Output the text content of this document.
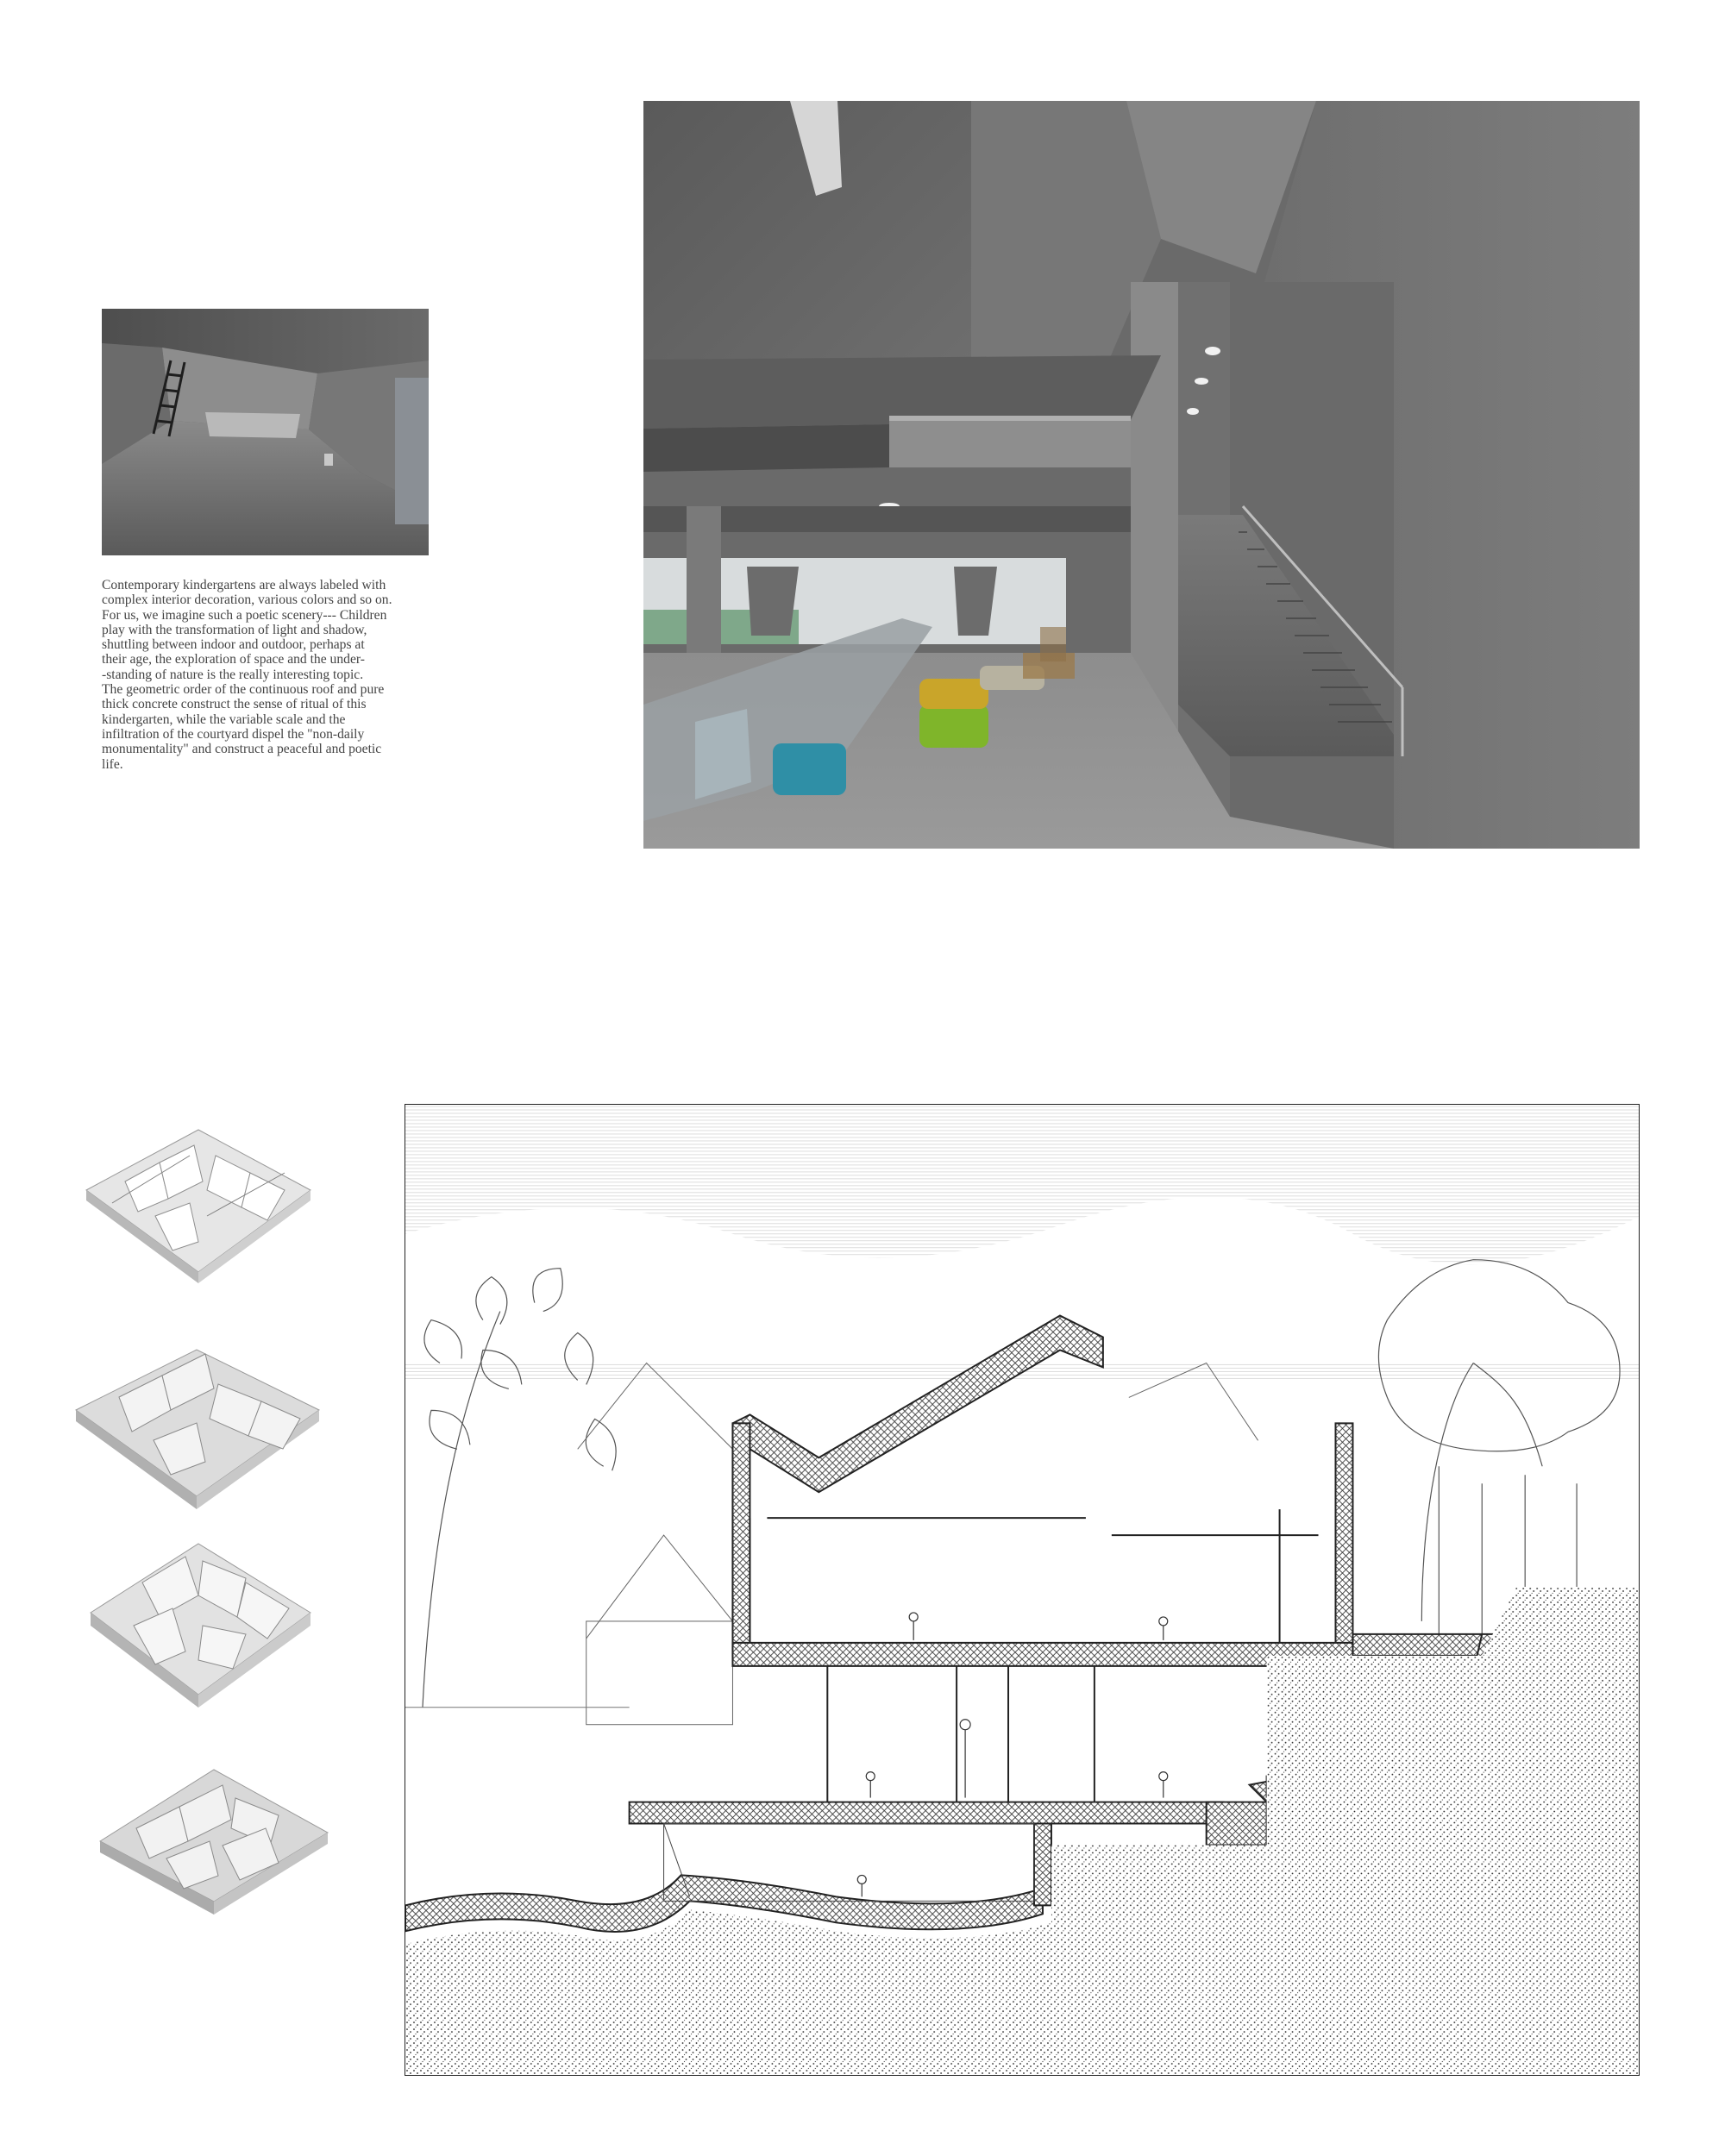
Contemporary kindergartens are always labeled with

complex interior decoration, various colors and so on.

For us, we imagine such a poetic scenery--- Children

play with the transformation of light and shadow,

shuttling between indoor and outdoor, perhaps at

their age, the exploration of space and the under-

-standing of nature is the really interesting topic.

The geometric order of the continuous roof and pure

thick concrete construct the sense of ritual of this

kindergarten, while the variable scale and the

infiltration of the courtyard dispel the "non-daily

monumentality" and construct a peaceful and poetic

life.
